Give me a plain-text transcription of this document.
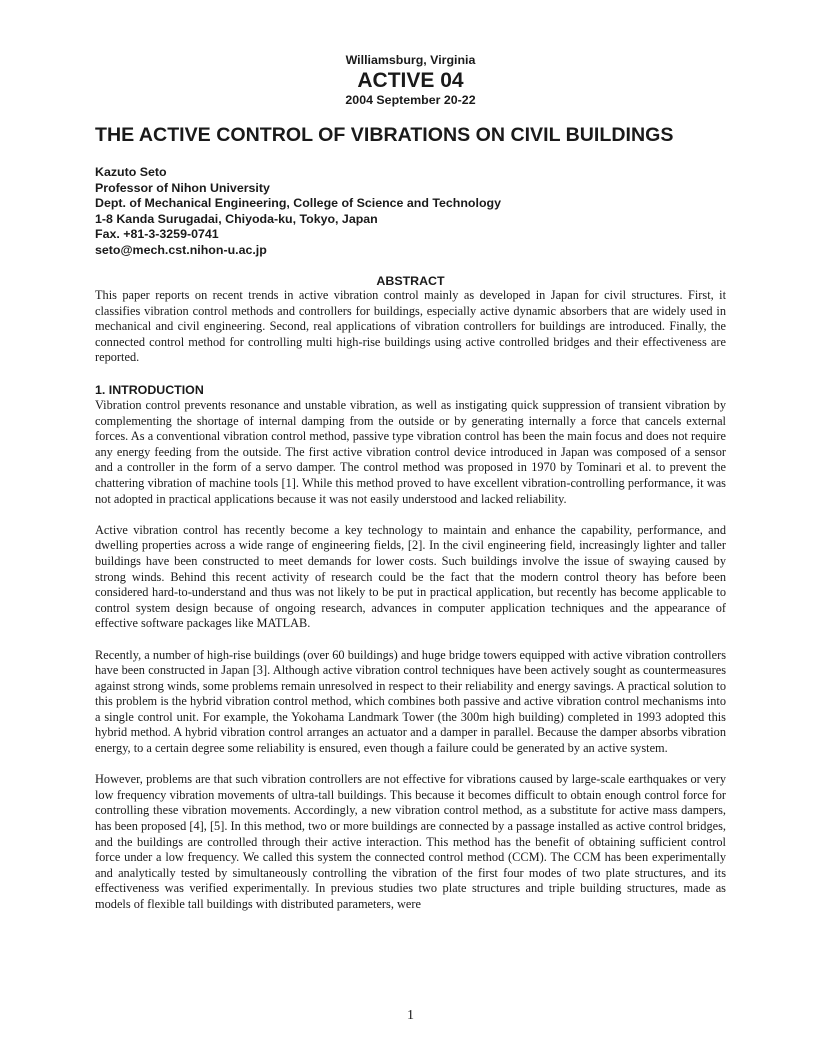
Williamsburg, Virginia
ACTIVE 04
2004 September 20-22
THE ACTIVE CONTROL OF VIBRATIONS ON CIVIL BUILDINGS
Kazuto Seto
Professor of Nihon University
Dept. of Mechanical Engineering, College of Science and Technology
1-8 Kanda Surugadai, Chiyoda-ku, Tokyo, Japan
Fax. +81-3-3259-0741
seto@mech.cst.nihon-u.ac.jp
ABSTRACT

This paper reports on recent trends in active vibration control mainly as developed in Japan for civil structures. First, it classifies vibration control methods and controllers for buildings, especially active dynamic absorbers that are widely used in mechanical and civil engineering. Second, real applications of vibration controllers for buildings are introduced. Finally, the connected control method for controlling multi high-rise buildings using active controlled bridges and their effectiveness are reported.

1. INTRODUCTION

Vibration control prevents resonance and unstable vibration, as well as instigating quick suppression of transient vibration by complementing the shortage of internal damping from the outside or by generating internally a force that cancels external forces. As a conventional vibration control method, passive type vibration control has been the main focus and does not require any energy feeding from the outside. The first active vibration control device introduced in Japan was composed of a sensor and a controller in the form of a servo damper. The control method was proposed in 1970 by Tominari et al. to prevent the chattering vibration of machine tools [1]. While this method proved to have excellent vibration-controlling performance, it was not adopted in practical applications because it was not easily understood and lacked reliability.

Active vibration control has recently become a key technology to maintain and enhance the capability, performance, and dwelling properties across a wide range of engineering fields, [2]. In the civil engineering field, increasingly lighter and taller buildings have been constructed to meet demands for lower costs. Such buildings involve the issue of swaying caused by strong winds. Behind this recent activity of research could be the fact that the modern control theory has before been considered hard-to-understand and thus was not likely to be put in practical application, but recently has become applicable to control system design because of ongoing research, advances in computer application techniques and the appearance of effective software packages like MATLAB.

Recently, a number of high-rise buildings (over 60 buildings) and huge bridge towers equipped with active vibration controllers have been constructed in Japan [3]. Although active vibration control techniques have been actively sought as countermeasures against strong winds, some problems remain unresolved in respect to their reliability and energy savings. A practical solution to this problem is the hybrid vibration control method, which combines both passive and active vibration control mechanisms into a single control unit. For example, the Yokohama Landmark Tower (the 300m high building) completed in 1993 adopted this hybrid method. A hybrid vibration control arranges an actuator and a damper in parallel. Because the damper absorbs vibration energy, to a certain degree some reliability is ensured, even though a failure could be generated by an active system.

However, problems are that such vibration controllers are not effective for vibrations caused by large-scale earthquakes or very low frequency vibration movements of ultra-tall buildings. This because it becomes difficult to obtain enough control force for controlling these vibration movements. Accordingly, a new vibration control method, as a substitute for active mass dampers, has been proposed [4], [5]. In this method, two or more buildings are connected by a passage installed as active control bridges, and the buildings are controlled through their active interaction. This method has the benefit of obtaining sufficient control force under a low frequency. We called this system the connected control method (CCM). The CCM has been experimentally and analytically tested by simultaneously controlling the vibration of the first four modes of two plate structures, and its effectiveness was verified experimentally. In previous studies two plate structures and triple building structures, made as models of flexible tall buildings with distributed parameters, were

1
